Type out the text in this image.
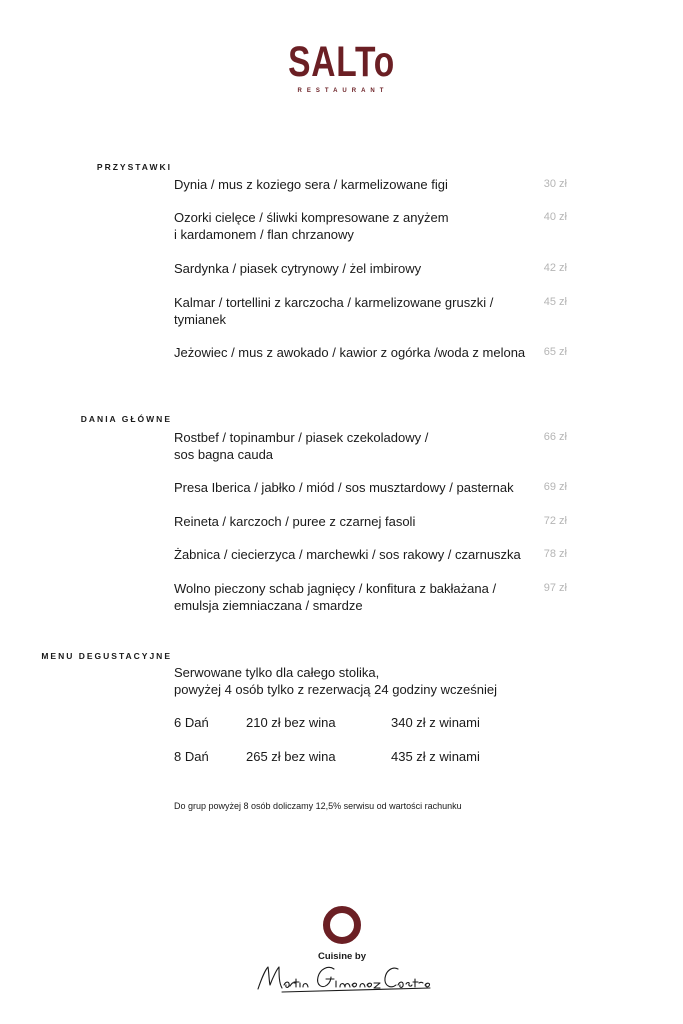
SALTo
RESTAURANT
PRZYSTAWKI
Dynia / mus z koziego sera / karmelizowane figi	30 zł
Ozorki cielęce / śliwki kompresowane z anyżem
i kardamonem / flan chrzanowy
40 zł
Sardynka / piasek cytrynowy / żel imbirowy	42 zł
Kalmar / tortellini z karczocha / karmelizowane gruszki /
tymianek
45 zł
Jeżowiec / mus z awokado / kawior z ogórka /woda z melona	65 zł
DANIA GŁÓWNE
Rostbef / topinambur / piasek czekoladowy /
sos bagna cauda
66 zł
Presa Iberica / jabłko / miód / sos musztardowy / pasternak	69 zł
Reineta / karczoch / puree z czarnej fasoli	72 zł
Żabnica / ciecierzyca / marchewki / sos rakowy / czarnuszka	78 zł
Wolno pieczony schab jagnięcy / konfitura z bakłażana /
emulsja ziemniaczana / smardze
97 zł
MENU DEGUSTACYJNE
Serwowane tylko dla całego stolika,
powyżej 4 osób tylko z rezerwacją 24 godziny wcześniej
6 Dań	210 zł bez wina	340 zł z winami
8 Dań	265 zł bez wina	435 zł z winami
Do grup powyżej 8 osób doliczamy 12,5% serwisu od wartości rachunku
Cuisine by
